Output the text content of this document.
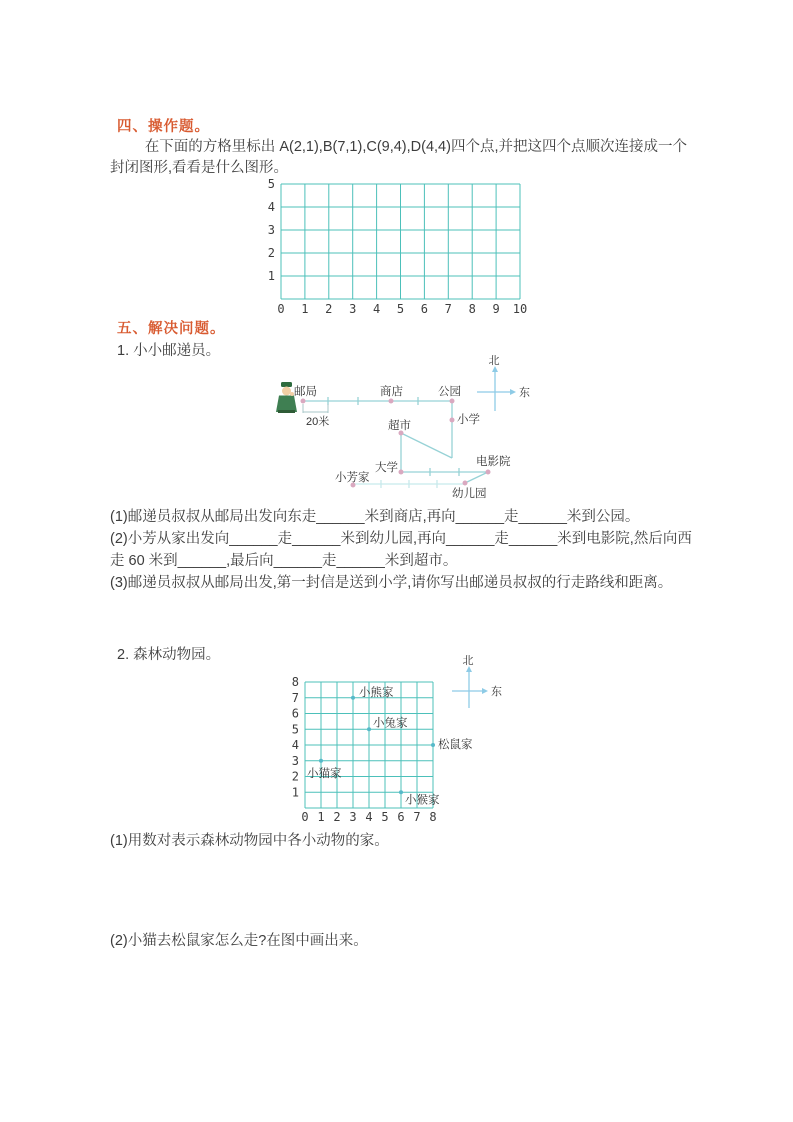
四、操作题。
在下面的方格里标出 A(2,1),B(7,1),C(9,4),D(4,4)四个点,并把这四个点顺次连接成一个封闭图形,看看是什么图形。
0 1 2 3 4 5 6 7 8 9 10
5
4
3
2
1
五、解决问题。
1. 小小邮递员。
20米
邮局	商店	公园
小学
超市
大学
小芳家
电影院
幼儿园
北
东
(1)邮递员叔叔从邮局出发向东走______米到商店,再向______走______米到公园。
(2)小芳从家出发向______走______米到幼儿园,再向______走______米到电影院,然后向西走 60 米到______,最后向______走______米到超市。
(3)邮递员叔叔从邮局出发,第一封信是送到小学,请你写出邮递员叔叔的行走路线和距离。
2. 森林动物园。	北
东
0 1 2 3 4 5 6 7 8
8
7
6
5
4
3
2
1
小熊家
小兔家
松鼠家
小猫家
小猴家
(1)用数对表示森林动物园中各小动物的家。
(2)小猫去松鼠家怎么走?在图中画出来。
